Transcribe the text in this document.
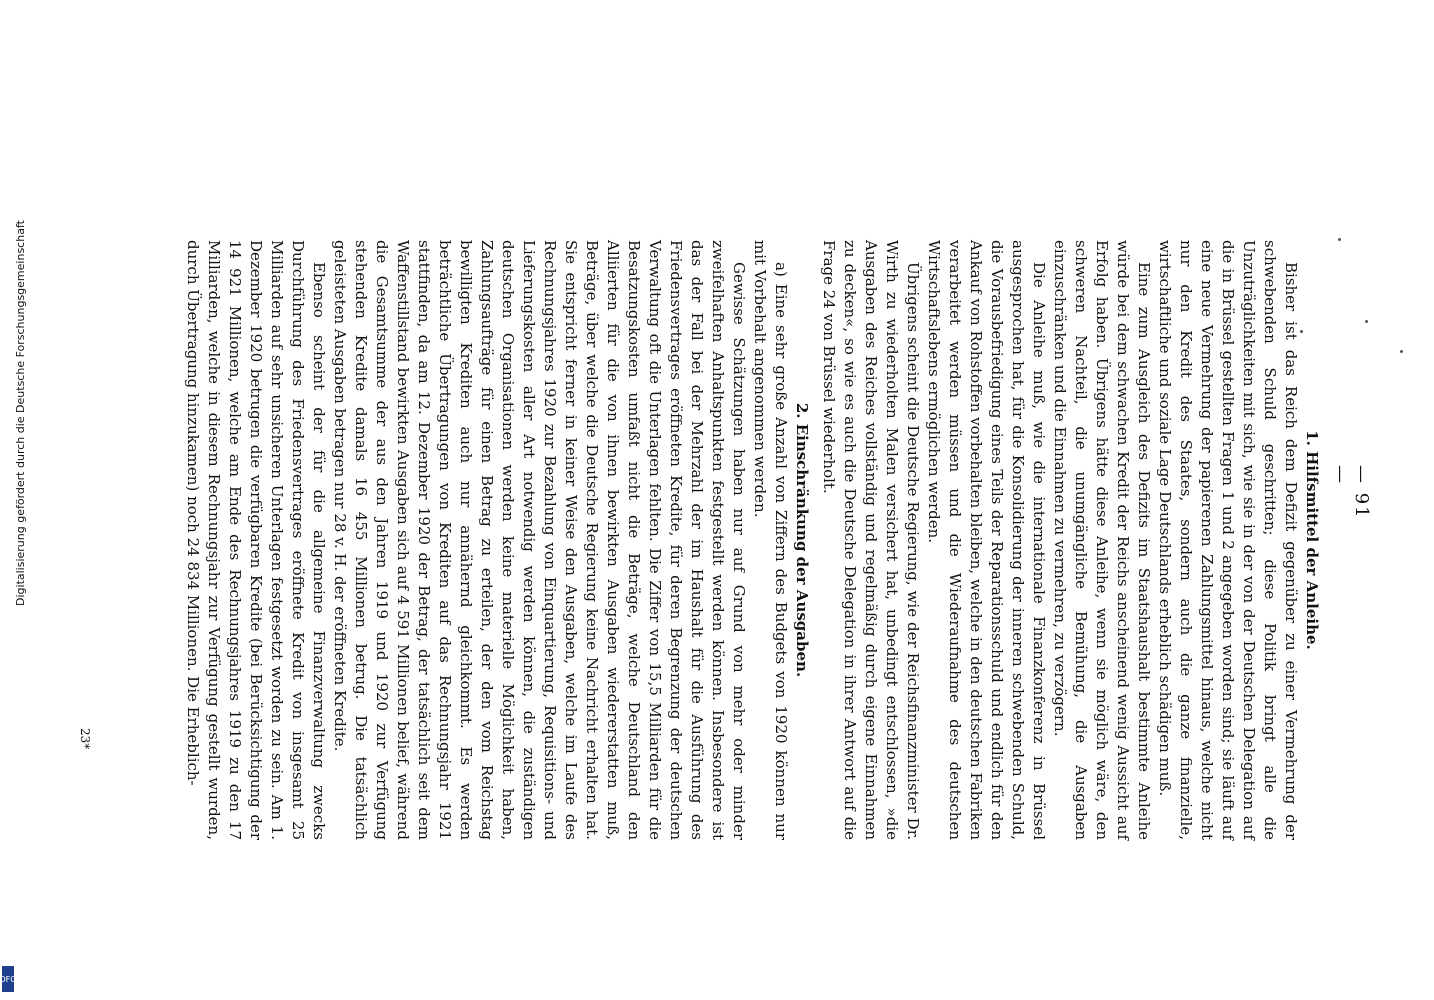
— 91 —

1. Hilfsmittel der Anleihe.

Bisher ist das Reich dem Defizit gegenüber zu einer Vermehrung der schwebenden Schuld geschritten; diese Politik bringt alle die Unzuträglichkeiten mit sich, wie sie in der von der Deutschen Delegation auf die in Brüssel gestellten Fragen 1 und 2 angegeben worden sind; sie läuft auf eine neue Vermehrung der papierenen Zahlungsmittel hinaus, welche nicht nur den Kredit des Staates, sondern auch die ganze finanzielle, wirtschaftliche und soziale Lage Deutschlands erheblich schädigen muß.

Eine zum Ausgleich des Defizits im Staatshaushalt bestimmte Anleihe würde bei dem schwachen Kredit der Reichs anscheinend wenig Aussicht auf Erfolg haben. Übrigens hätte diese Anleihe, wenn sie möglich wäre, den schweren Nachteil, die unumgängliche Bemühung, die Ausgaben einzuschränken und die Einnahmen zu vermehren, zu verzögern.

Die Anleihe muß, wie die internationale Finanzkonferenz in Brüssel ausgesprochen hat, für die Konsolidierung der inneren schwebenden Schuld, die Vorausbefriedigung eines Teils der Reparationsschuld und endlich für den Ankauf von Rohstoffen vorbehalten bleiben, welche in den deutschen Fabriken verarbeitet werden müssen und die Wiederaufnahme des deutschen Wirtschaftslebens ermöglichen werden.

Übrigens scheint die Deutsche Regierung, wie der Reichsfinanzminister Dr. Wirth zu wiederholten Malen versichert hat, unbedingt entschlossen, »die Ausgaben des Reiches vollständig und regelmäßig durch eigene Einnahmen zu decken«, so wie es auch die Deutsche Delegation in ihrer Antwort auf die Frage 24 von Brüssel wiederholt.

2. Einschränkung der Ausgaben.

a) Eine sehr große Anzahl von Ziffern des Budgets von 1920 können nur mit Vorbehalt angenommen werden.

Gewisse Schätzungen haben nur auf Grund von mehr oder minder zweifelhaften Anhaltspunkten festgestellt werden können. Insbesondere ist das der Fall bei der Mehrzahl der im Haushalt für die Ausführung des Friedensvertrages eröffneten Kredite, für deren Begrenzung der deutschen Verwaltung oft die Unterlagen fehlten. Die Ziffer von 15,5 Milliarden für die Besatzungskosten umfaßt nicht die Beträge, welche Deutschland den Alliierten für die von ihnen bewirkten Ausgaben wiedererstatten muß, Beträge, über welche die Deutsche Regierung keine Nachricht erhalten hat. Sie entspricht ferner in keiner Weise den Ausgaben, welche im Laufe des Rechnungsjahres 1920 zur Bezahlung von Einquartierung, Requisitions- und Lieferungskosten aller Art notwendig werden können, die zuständigen deutschen Organisationen werden keine materielle Möglichkeit haben, Zahlungsaufträge für einen Betrag zu erteilen, der den vom Reichstag bewilligten Krediten auch nur annähernd gleichkommt. Es werden beträchtliche Übertragungen von Krediten auf das Rechnungsjahr 1921 stattfinden, da am 12. Dezember 1920 der Betrag, der tatsächlich seit dem Waffenstillstand bewirkten Ausgaben sich auf 4 591 Millionen belief, während die Gesamtsumme der aus den Jahren 1919 und 1920 zur Verfügung stehenden Kredite damals 16 455 Millionen betrug. Die tatsächlich geleisteten Ausgaben betragen nur 28 v. H. der eröffneten Kredite.

Ebenso scheint der für die allgemeine Finanzverwaltung zwecks Durchführung des Friedensvertrages eröffnete Kredit von insgesamt 25 Milliarden auf sehr unsicheren Unterlagen festgesetzt worden zu sein. Am 1. Dezember 1920 betrugen die verfügbaren Kredite (bei Berücksichtigung der 14 921 Millionen, welche am Ende des Rechnungsjahres 1919 zu den 17 Milliarden, welche in diesem Rechnungsjahr zur Verfügung gestellt wurden, durch Übertragung hinzukamen) noch 24 834 Millionen. Die Erheblich-

23*
Digitalisierung gefördert durch die Deutsche Forschungsgemeinschaft
DFG
